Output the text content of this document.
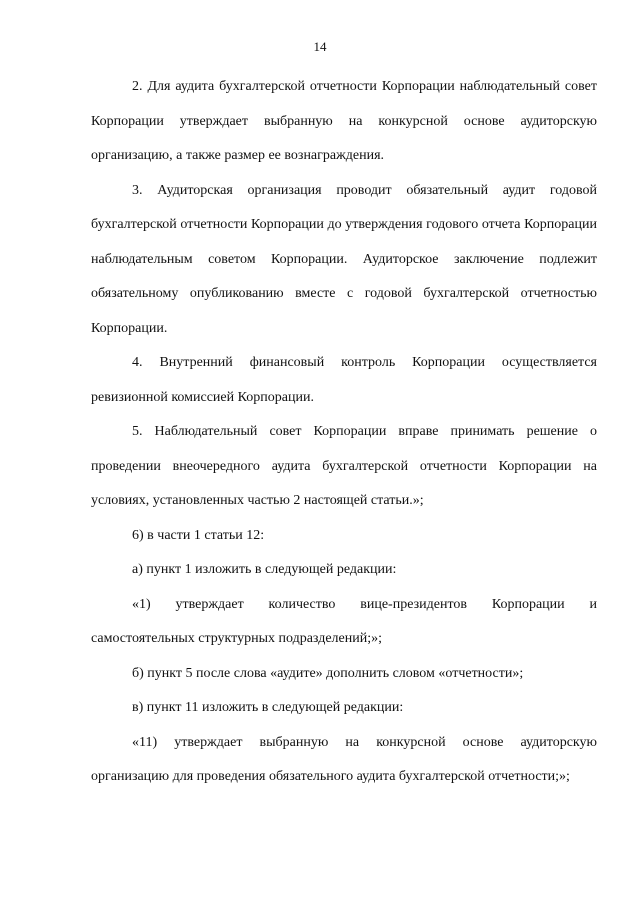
14

2. Для аудита бухгалтерской отчетности Корпорации наблюдательный совет Корпорации утверждает выбранную на конкурсной основе аудиторскую организацию, а также размер ее вознаграждения.

3. Аудиторская организация проводит обязательный аудит годовой бухгалтерской отчетности Корпорации до утверждения годового отчета Корпорации наблюдательным советом Корпорации. Аудиторское заключение подлежит обязательному опубликованию вместе с годовой бухгалтерской отчетностью Корпорации.

4. Внутренний финансовый контроль Корпорации осуществляется ревизионной комиссией Корпорации.

5. Наблюдательный совет Корпорации вправе принимать решение о проведении внеочередного аудита бухгалтерской отчетности Корпорации на условиях, установленных частью 2 настоящей статьи.»;

6) в части 1 статьи 12:

а) пункт 1 изложить в следующей редакции:

«1) утверждает количество вице-президентов Корпорации и самостоятельных структурных подразделений;»;

б) пункт 5 после слова «аудите» дополнить словом «отчетности»;

в) пункт 11 изложить в следующей редакции:

«11) утверждает выбранную на конкурсной основе аудиторскую организацию для проведения обязательного аудита бухгалтерской отчетности;»;
